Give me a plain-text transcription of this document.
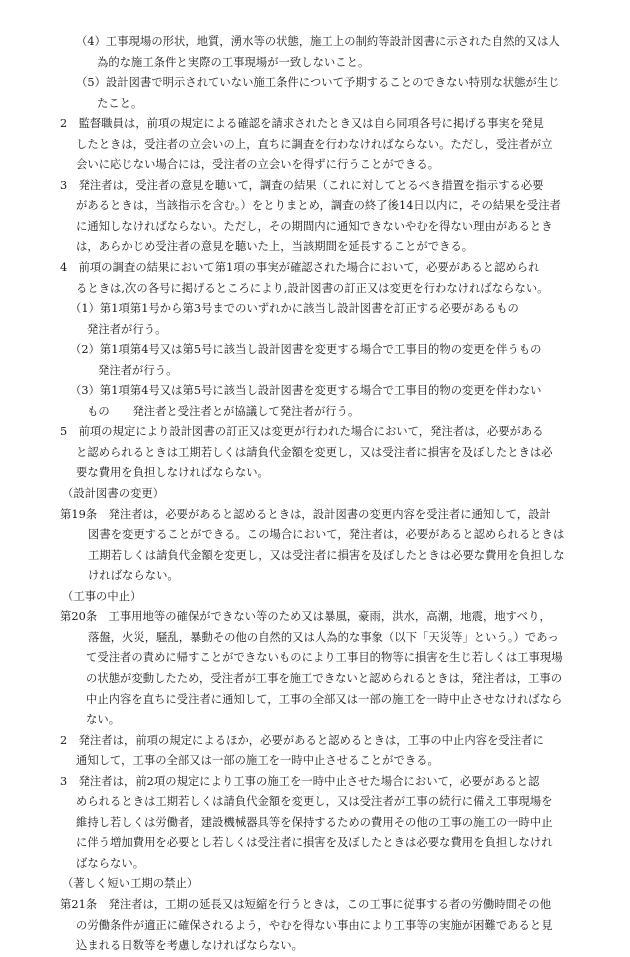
（4）工事現場の形状，地質，湧水等の状態，施工上の制約等設計図書に示された自然的又は人
為的な施工条件と実際の工事現場が一致しないこと。
（5）設計図書で明示されていない施工条件について予期することのできない特別な状態が生じ
たこと。
2　監督職員は，前項の規定による確認を請求されたとき又は自ら同項各号に掲げる事実を発見
したときは，受注者の立会いの上，直ちに調査を行わなければならない。ただし，受注者が立
会いに応じない場合には，受注者の立会いを得ずに行うことができる。
3　発注者は，受注者の意見を聴いて，調査の結果（これに対してとるべき措置を指示する必要
があるときは，当該指示を含む。）をとりまとめ，調査の終了後14日以内に，その結果を受注者
に通知しなければならない。ただし，その期間内に通知できないやむを得ない理由があるとき
は，あらかじめ受注者の意見を聴いた上，当該期間を延長することができる。
4　前項の調査の結果において第1項の事実が確認された場合において，必要があると認められ
るときは,次の各号に掲げるところにより,設計図書の訂正又は変更を行わなければならない。
（1）第1項第1号から第3号までのいずれかに該当し設計図書を訂正する必要があるもの
発注者が行う。
（2）第1項第4号又は第5号に該当し設計図書を変更する場合で工事目的物の変更を伴うもの
発注者が行う。
（3）第1項第4号又は第5号に該当し設計図書を変更する場合で工事目的物の変更を伴わない
もの　　発注者と受注者とが協議して発注者が行う。
5　前項の規定により設計図書の訂正又は変更が行われた場合において，発注者は，必要がある
と認められるときは工期若しくは請負代金額を変更し，又は受注者に損害を及ぼしたときは必
要な費用を負担しなければならない。
（設計図書の変更）
第19条　発注者は，必要があると認めるときは，設計図書の変更内容を受注者に通知して，設計
図書を変更することができる。この場合において，発注者は，必要があると認められるときは
工期若しくは請負代金額を変更し，又は受注者に損害を及ぼしたときは必要な費用を負担しな
ければならない。
（工事の中止）
第20条　工事用地等の確保ができない等のため又は暴風，豪雨，洪水，高潮，地震，地すべり，
落盤，火災，騒乱，暴動その他の自然的又は人為的な事象（以下「天災等」という。）であっ
て受注者の責めに帰すことができないものにより工事目的物等に損害を生じ若しくは工事現場
の状態が変動したため，受注者が工事を施工できないと認められるときは，発注者は，工事の
中止内容を直ちに受注者に通知して，工事の全部又は一部の施工を一時中止させなければなら
ない。
2　発注者は，前項の規定によるほか，必要があると認めるときは，工事の中止内容を受注者に
通知して，工事の全部又は一部の施工を一時中止させることができる。
3　発注者は，前2項の規定により工事の施工を一時中止させた場合において，必要があると認
められるときは工期若しくは請負代金額を変更し，又は受注者が工事の続行に備え工事現場を
維持し若しくは労働者，建設機械器具等を保持するための費用その他の工事の施工の一時中止
に伴う増加費用を必要とし若しくは受注者に損害を及ぼしたときは必要な費用を負担しなけれ
ばならない。
（著しく短い工期の禁止）
第21条　発注者は，工期の延長又は短縮を行うときは，この工事に従事する者の労働時間その他
の労働条件が適正に確保されるよう，やむを得ない事由により工事等の実施が困難であると見
込まれる日数等を考慮しなければならない。
